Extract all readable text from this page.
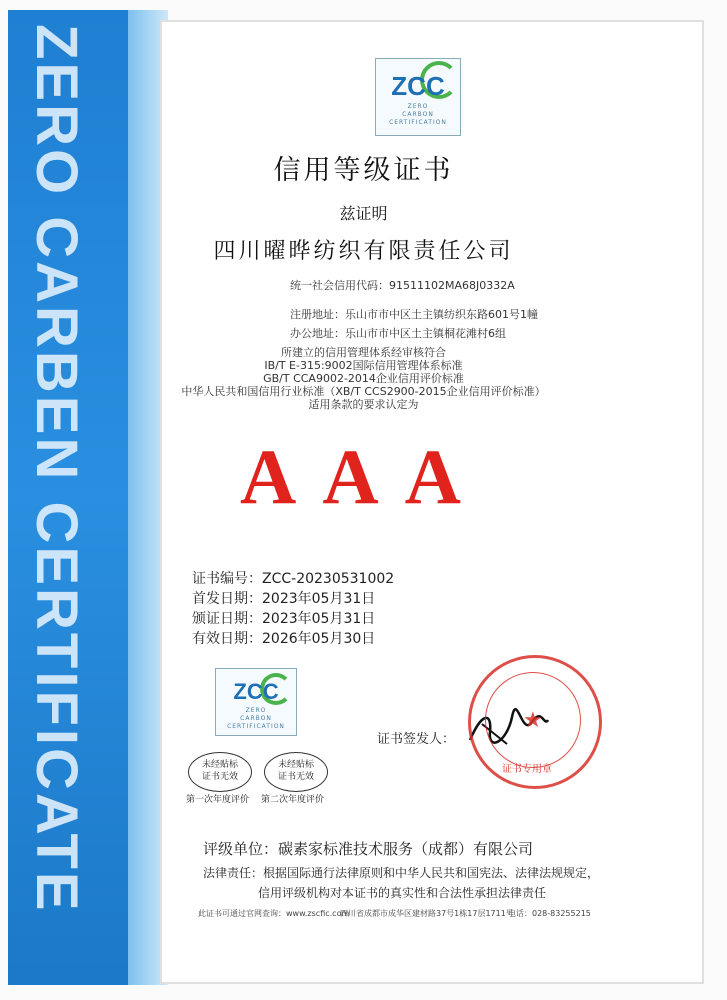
ZERO CARBEN CERTIFICATE	ZCC
ZERO
CARBON
CERTIFICATION
信用等级证书
兹证明
四川曜晔纺织有限责任公司
统一社会信用代码：91511102MA68J0332A
注册地址：乐山市市中区土主镇纺织东路601号1幢
办公地址：乐山市市中区土主镇桐花滩村6组
所建立的信用管理体系经审核符合
IB/T E-315:9002国际信用管理体系标准
GB/T CCA9002-2014企业信用评价标准
中华人民共和国信用行业标准（XB/T CCS2900-2015企业信用评价标准）
适用条款的要求认定为
AAA
证书编号：ZCC-20230531002
首发日期：2023年05月31日
颁证日期：2023年05月31日
有效日期：2026年05月30日
ZCC
ZERO
CARBON
CERTIFICATION
未经贴标
证书无效
第一次年度评价
未经贴标
证书无效
第二次年度评价
证书签发人：
★
证书专用章
评级单位：碳素家标准技术服务（成都）有限公司
法律责任：根据国际通行法律原则和中华人民共和国宪法、法律法规规定，
信用评级机构对本证书的真实性和合法性承担法律责任
此证书可通过官网查询：www.zscfic.com
四川省成都市成华区建材路37号1栋17层1711号
电话：028-83255215
